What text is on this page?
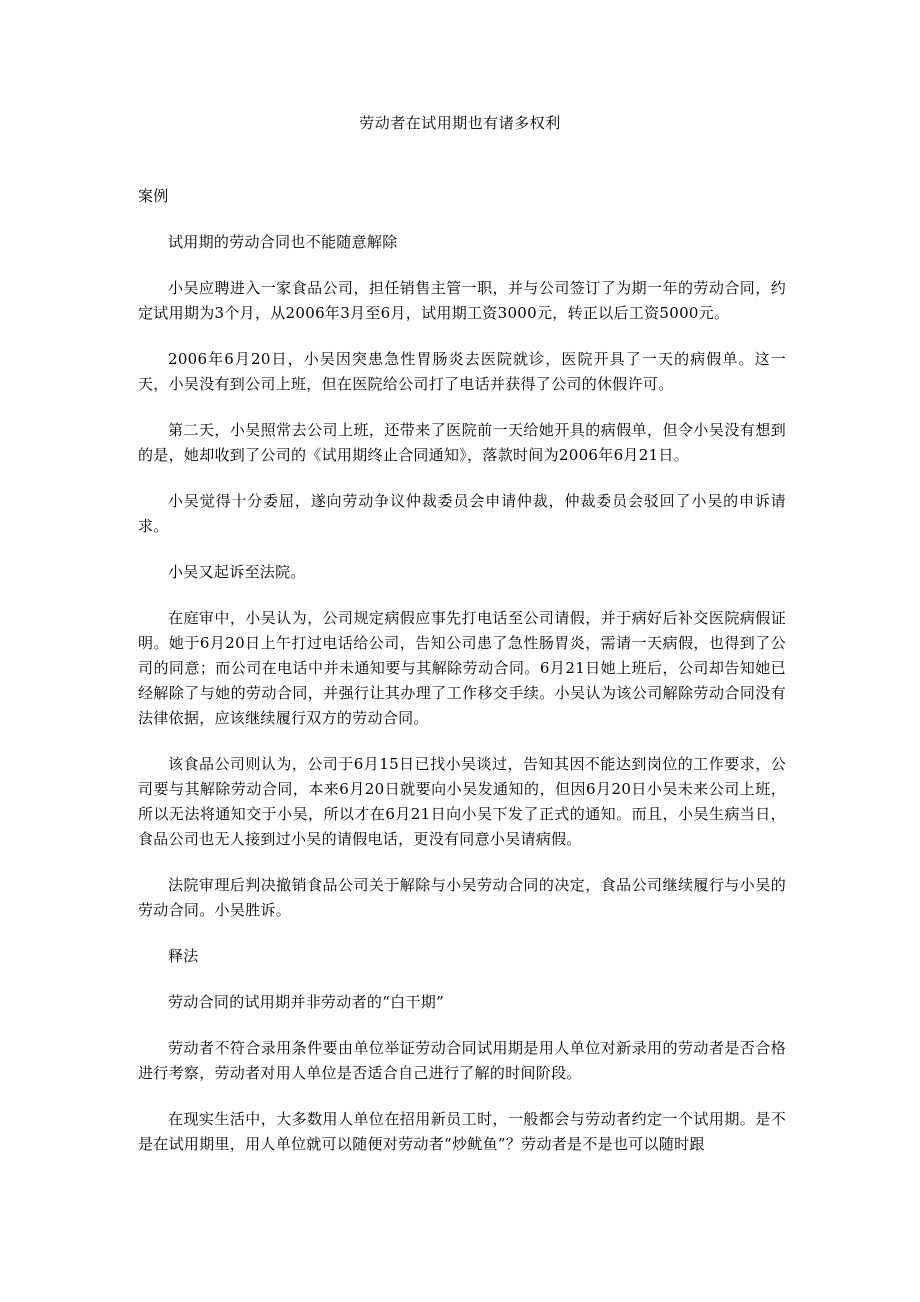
劳动者在试用期也有诸多权利

案例

试用期的劳动合同也不能随意解除

小吴应聘进入一家食品公司，担任销售主管一职，并与公司签订了为期一年的劳动合同，约定试用期为3个月，从2006年3月至6月，试用期工资3000元，转正以后工资5000元。

2006年6月20日，小吴因突患急性胃肠炎去医院就诊，医院开具了一天的病假单。这一天，小吴没有到公司上班，但在医院给公司打了电话并获得了公司的休假许可。

第二天，小吴照常去公司上班，还带来了医院前一天给她开具的病假单，但令小吴没有想到的是，她却收到了公司的《试用期终止合同通知》，落款时间为2006年6月21日。

小吴觉得十分委屈，遂向劳动争议仲裁委员会申请仲裁，仲裁委员会驳回了小吴的申诉请求。

小吴又起诉至法院。

在庭审中，小吴认为，公司规定病假应事先打电话至公司请假，并于病好后补交医院病假证明。她于6月20日上午打过电话给公司，告知公司患了急性肠胃炎，需请一天病假，也得到了公司的同意；而公司在电话中并未通知要与其解除劳动合同。6月21日她上班后，公司却告知她已经解除了与她的劳动合同，并强行让其办理了工作移交手续。小吴认为该公司解除劳动合同没有法律依据，应该继续履行双方的劳动合同。

该食品公司则认为，公司于6月15日已找小吴谈过，告知其因不能达到岗位的工作要求，公司要与其解除劳动合同，本来6月20日就要向小吴发通知的，但因6月20日小吴未来公司上班，所以无法将通知交于小吴，所以才在6月21日向小吴下发了正式的通知。而且，小吴生病当日，食品公司也无人接到过小吴的请假电话，更没有同意小吴请病假。

法院审理后判决撤销食品公司关于解除与小吴劳动合同的决定，食品公司继续履行与小吴的劳动合同。小吴胜诉。

释法

劳动合同的试用期并非劳动者的“白干期”

劳动者不符合录用条件要由单位举证劳动合同试用期是用人单位对新录用的劳动者是否合格进行考察，劳动者对用人单位是否适合自己进行了解的时间阶段。

在现实生活中，大多数用人单位在招用新员工时，一般都会与劳动者约定一个试用期。是不是在试用期里，用人单位就可以随便对劳动者“炒鱿鱼”？劳动者是不是也可以随时跟
